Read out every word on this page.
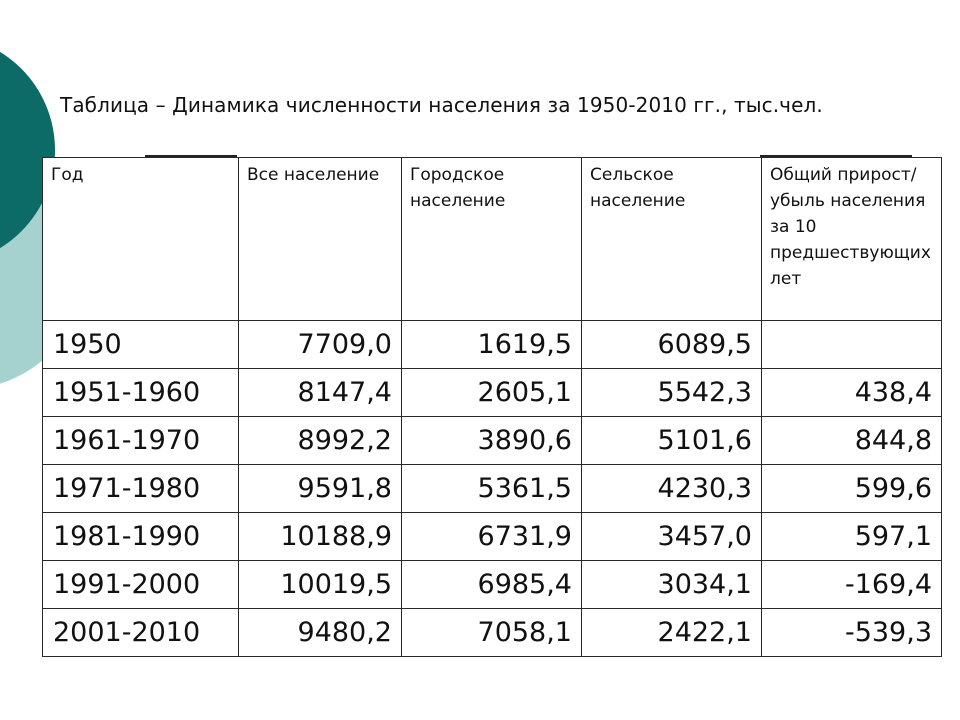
Таблица – Динамика численности населения за 1950-2010 гг., тыс.чел.
Год	Все население	Городское население	Сельское население	Общий прирост/убыль населения за 10 предшествующих лет
1950	7709,0	1619,5	6089,5	
1951-1960	8147,4	2605,1	5542,3	438,4
1961-1970	8992,2	3890,6	5101,6	844,8
1971-1980	9591,8	5361,5	4230,3	599,6
1981-1990	10188,9	6731,9	3457,0	597,1
1991-2000	10019,5	6985,4	3034,1	-169,4
2001-2010	9480,2	7058,1	2422,1	-539,3
